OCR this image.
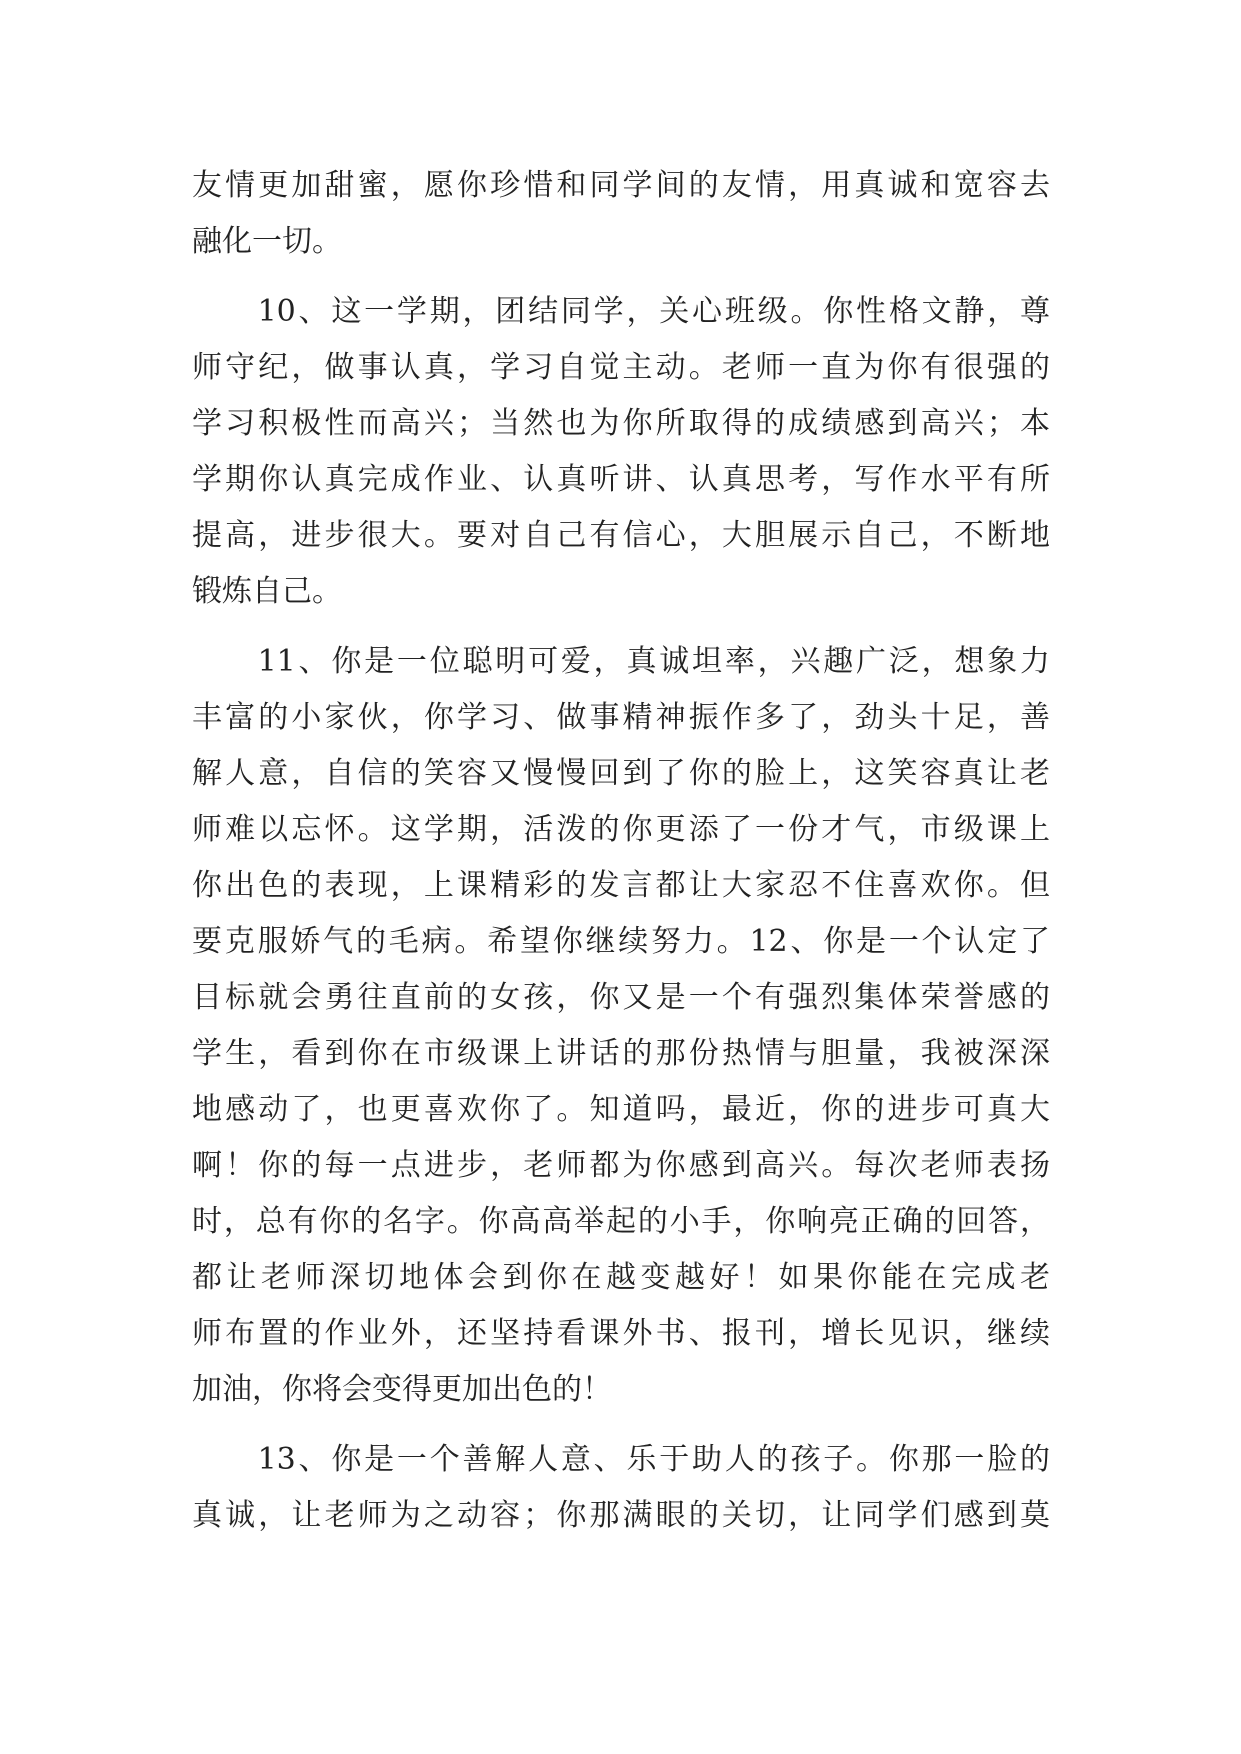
友情更加甜蜜，愿你珍惜和同学间的友情，用真诚和宽容去
融化一切。
　　10、这一学期，团结同学，关心班级。你性格文静，尊
师守纪，做事认真，学习自觉主动。老师一直为你有很强的
学习积极性而高兴；当然也为你所取得的成绩感到高兴；本
学期你认真完成作业、认真听讲、认真思考，写作水平有所
提高，进步很大。要对自己有信心，大胆展示自己，不断地
锻炼自己。
　　11、你是一位聪明可爱，真诚坦率，兴趣广泛，想象力
丰富的小家伙，你学习、做事精神振作多了，劲头十足，善
解人意，自信的笑容又慢慢回到了你的脸上，这笑容真让老
师难以忘怀。这学期，活泼的你更添了一份才气，市级课上
你出色的表现，上课精彩的发言都让大家忍不住喜欢你。但
要克服娇气的毛病。希望你继续努力。12、你是一个认定了
目标就会勇往直前的女孩，你又是一个有强烈集体荣誉感的
学生，看到你在市级课上讲话的那份热情与胆量，我被深深
地感动了，也更喜欢你了。知道吗，最近，你的进步可真大
啊！你的每一点进步，老师都为你感到高兴。每次老师表扬
时，总有你的名字。你高高举起的小手，你响亮正确的回答，
都让老师深切地体会到你在越变越好！如果你能在完成老
师布置的作业外，还坚持看课外书、报刊，增长见识，继续
加油，你将会变得更加出色的！
　　13、你是一个善解人意、乐于助人的孩子。你那一脸的
真诚，让老师为之动容；你那满眼的关切，让同学们感到莫
